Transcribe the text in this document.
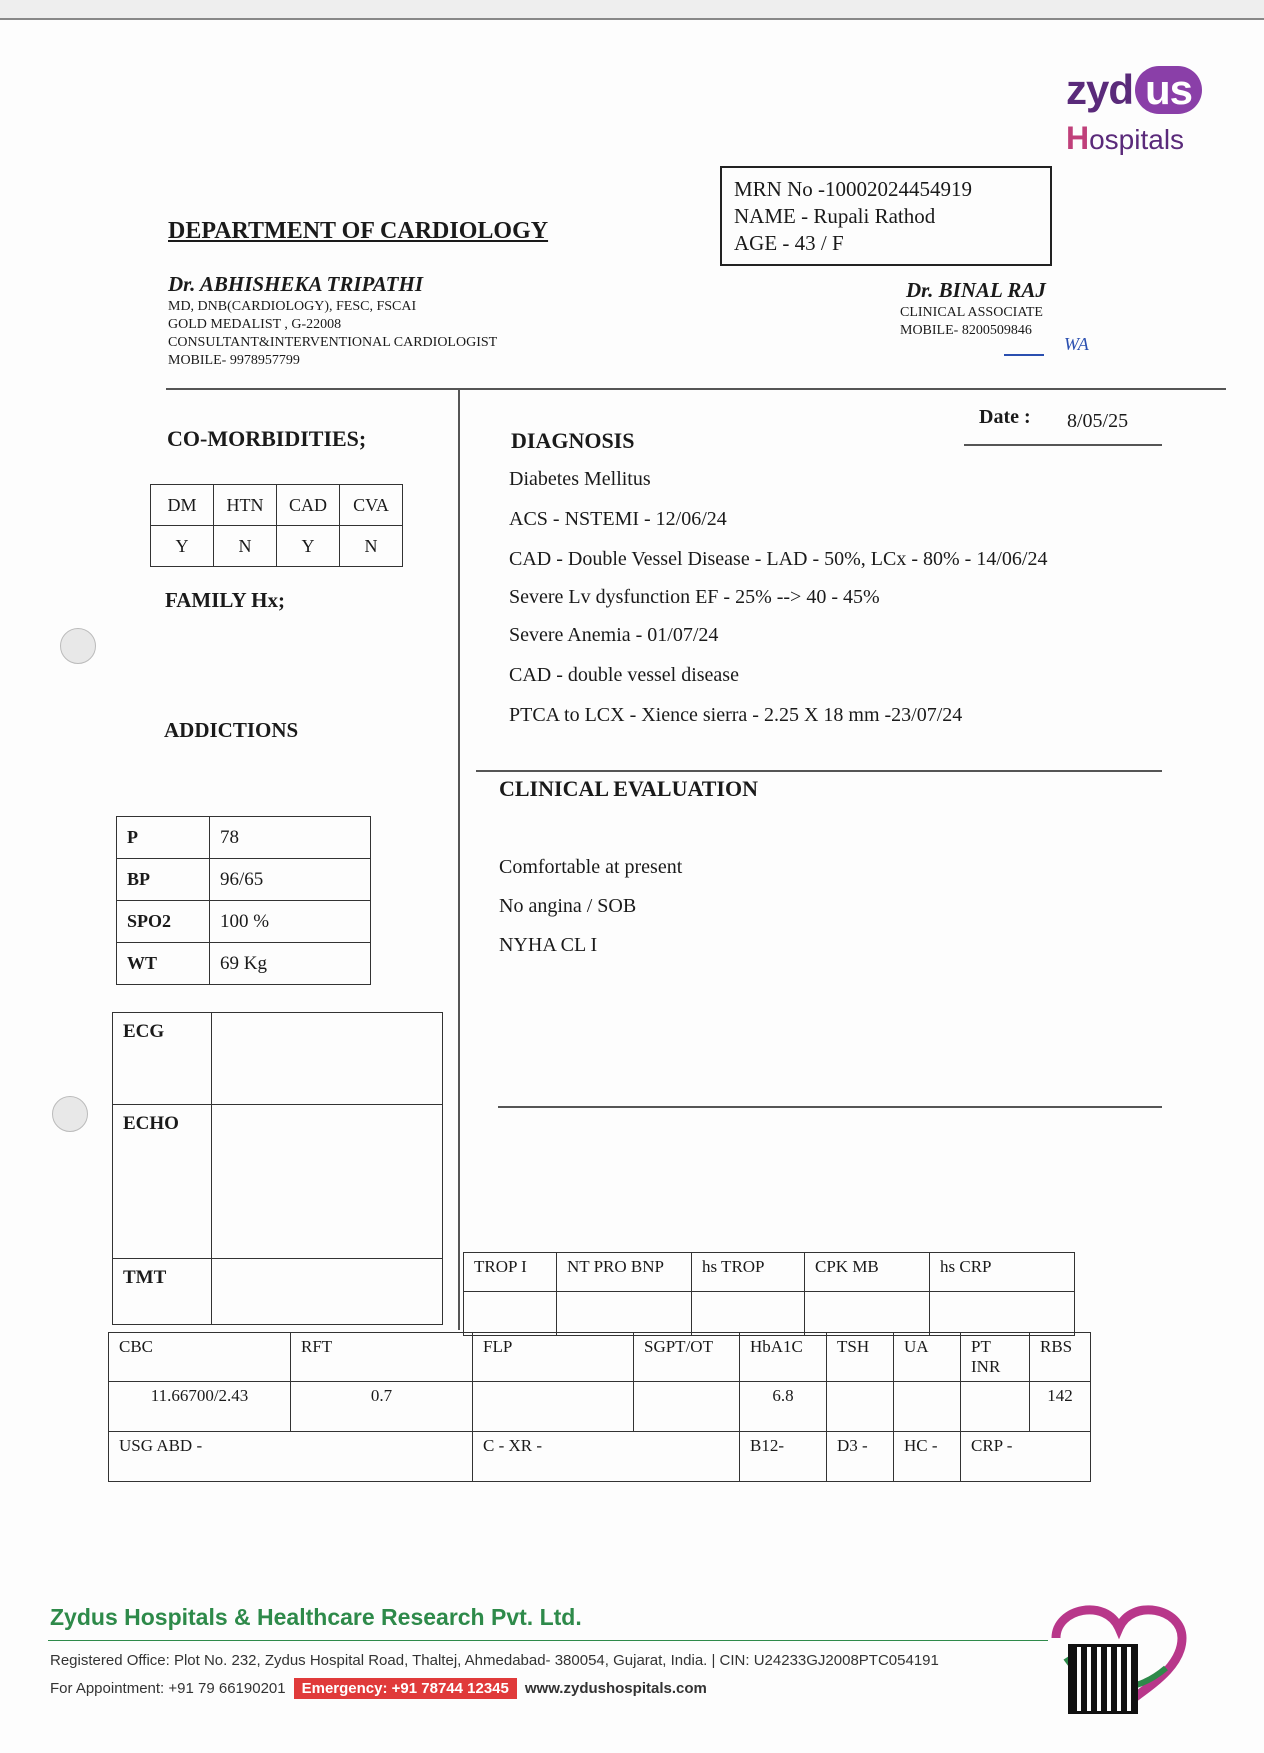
zyd us
Hospitals
MRN No -10002024454919
NAME - Rupali Rathod
AGE - 43 / F
DEPARTMENT OF CARDIOLOGY
Dr. ABHISHEKA TRIPATHI
MD, DNB(CARDIOLOGY), FESC, FSCAI
GOLD MEDALIST , G-22008
CONSULTANT&INTERVENTIONAL CARDIOLOGIST
MOBILE- 9978957799
Dr. BINAL RAJ
CLINICAL ASSOCIATE
MOBILE- 8200509846
WA
Date : 8/05/25
CO-MORBIDITIES;
DM	HTN	CAD	CVA
Y	N	Y	N
FAMILY Hx;
ADDICTIONS
P	78
BP	96/65
SPO2	100 %
WT	69 Kg
ECG	
ECHO	
TMT	
DIAGNOSIS
Diabetes Mellitus
ACS - NSTEMI - 12/06/24
CAD - Double Vessel Disease - LAD - 50%, LCx - 80% - 14/06/24
Severe Lv dysfunction EF - 25% --> 40 - 45%
Severe Anemia - 01/07/24
CAD - double vessel disease
PTCA to LCX - Xience sierra - 2.25 X 18 mm -23/07/24
CLINICAL EVALUATION
Comfortable at present
No angina / SOB
NYHA CL I
TROP I	NT PRO BNP	hs TROP	CPK MB	hs CRP

CBC	RFT	FLP	SGPT/OT	HbA1C	TSH	UA	PT INR	RBS
11.66700/2.43	0.7			6.8				142
USG ABD -		C - XR -		B12-	D3 -	HC -	CRP -	
Zydus Hospitals & Healthcare Research Pvt. Ltd.
Registered Office: Plot No. 232, Zydus Hospital Road, Thaltej, Ahmedabad- 380054, Gujarat, India. | CIN: U24233GJ2008PTC054191
For Appointment: +91 79 66190201 Emergency: +91 78744 12345 www.zydushospitals.com
